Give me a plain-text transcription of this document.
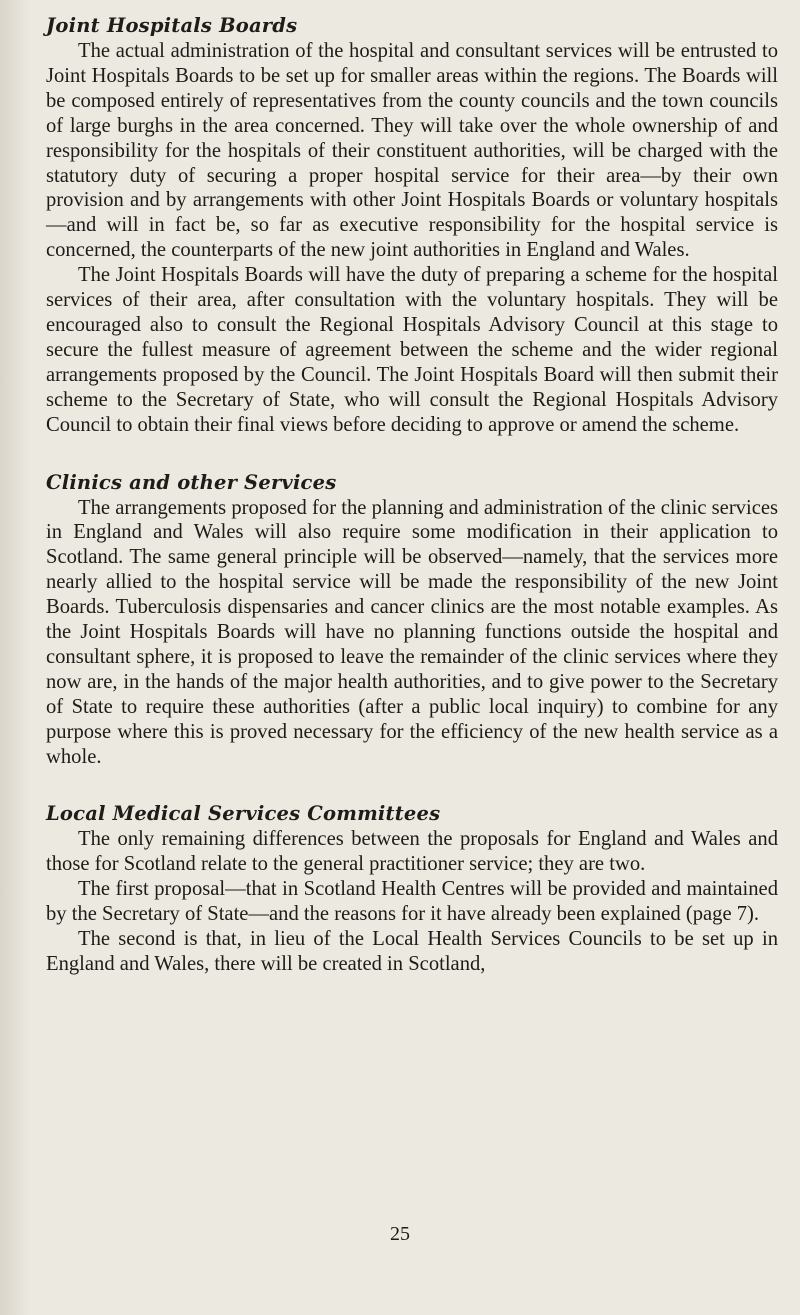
Joint Hospitals Boards

The actual administration of the hospital and consultant services will be entrusted to Joint Hospitals Boards to be set up for smaller areas within the regions. The Boards will be composed entirely of representatives from the county councils and the town councils of large burghs in the area concerned. They will take over the whole ownership of and responsibility for the hospitals of their constituent authorities, will be charged with the statutory duty of securing a proper hospital service for their area—by their own provision and by arrangements with other Joint Hospitals Boards or voluntary hospitals—and will in fact be, so far as executive responsibility for the hospital service is concerned, the counterparts of the new joint authorities in England and Wales.

The Joint Hospitals Boards will have the duty of preparing a scheme for the hospital services of their area, after consultation with the voluntary hospitals. They will be encouraged also to consult the Regional Hospitals Advisory Council at this stage to secure the fullest measure of agreement between the scheme and the wider regional arrangements proposed by the Council. The Joint Hospitals Board will then submit their scheme to the Secretary of State, who will consult the Regional Hospitals Advisory Council to obtain their final views before deciding to approve or amend the scheme.

Clinics and other Services

The arrangements proposed for the planning and administration of the clinic services in England and Wales will also require some modification in their application to Scotland. The same general principle will be observed—namely, that the services more nearly allied to the hospital service will be made the responsibility of the new Joint Boards. Tuberculosis dispensaries and cancer clinics are the most notable examples. As the Joint Hospitals Boards will have no planning functions outside the hospital and consultant sphere, it is proposed to leave the remainder of the clinic services where they now are, in the hands of the major health authorities, and to give power to the Secretary of State to require these authorities (after a public local inquiry) to combine for any purpose where this is proved necessary for the efficiency of the new health service as a whole.

Local Medical Services Committees

The only remaining differences between the proposals for England and Wales and those for Scotland relate to the general practitioner service; they are two.

The first proposal—that in Scotland Health Centres will be provided and maintained by the Secretary of State—and the reasons for it have already been explained (page 7).

The second is that, in lieu of the Local Health Services Councils to be set up in England and Wales, there will be created in Scotland,

25
